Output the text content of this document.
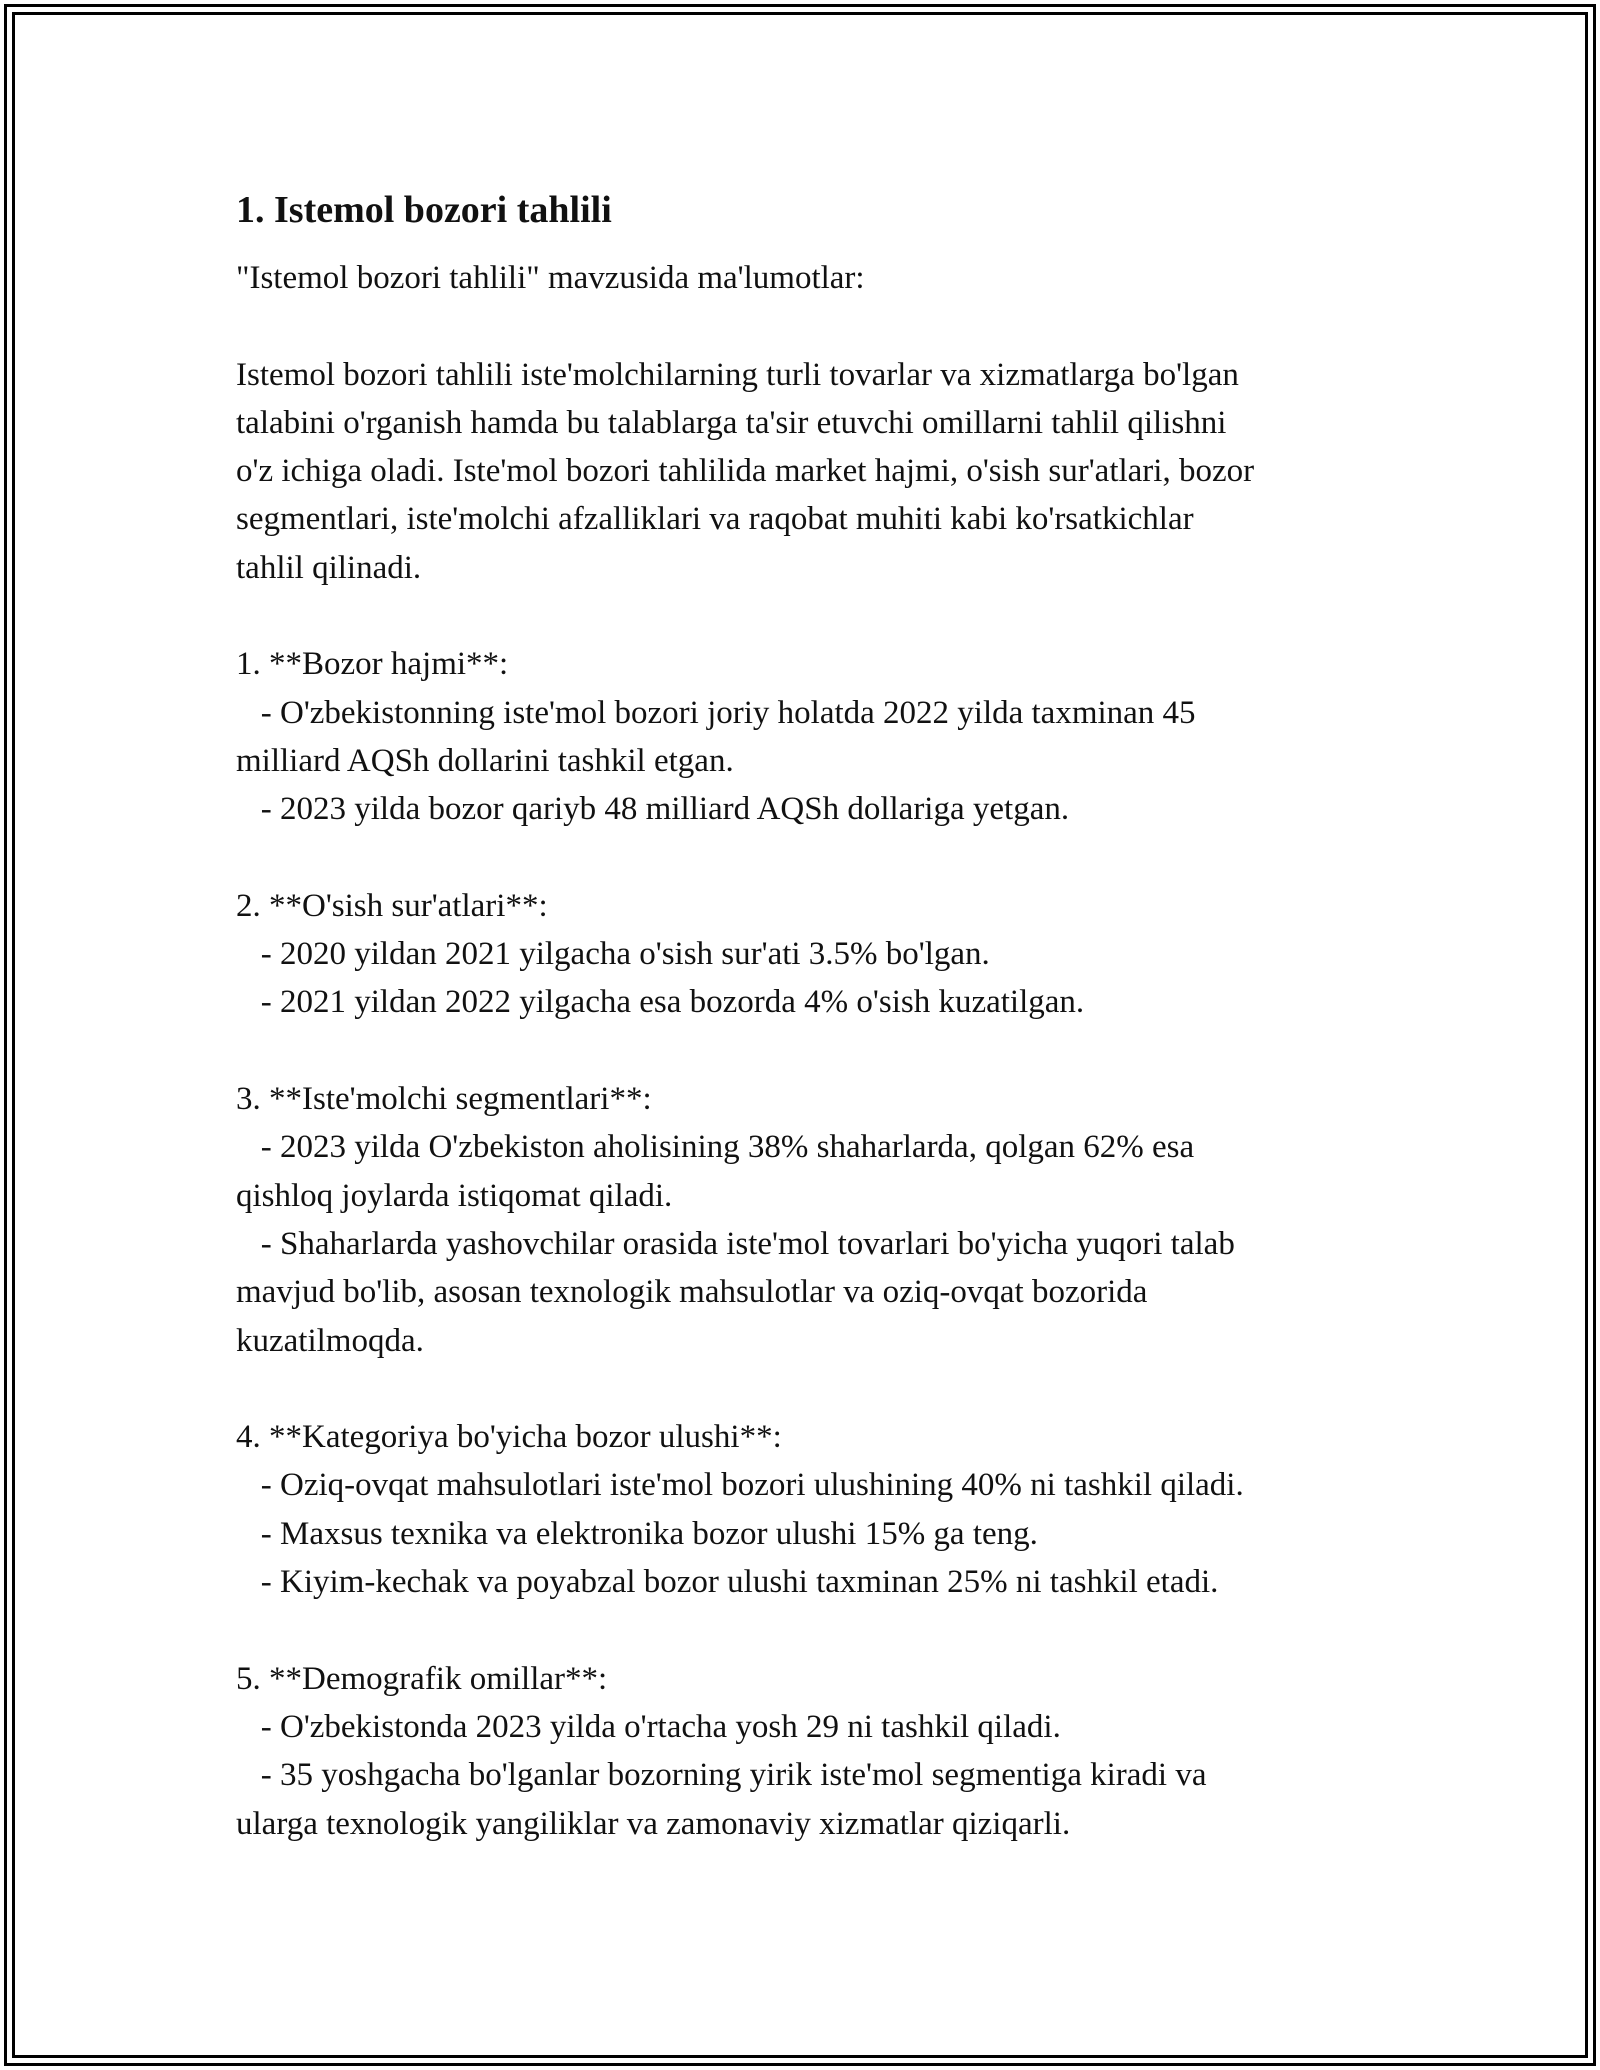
1. Istemol bozori tahlili
"Istemol bozori tahlili" mavzusida ma'lumotlar:
Istemol bozori tahlili iste'molchilarning turli tovarlar va xizmatlarga bo'lgan
talabini o'rganish hamda bu talablarga ta'sir etuvchi omillarni tahlil qilishni
o'z ichiga oladi. Iste'mol bozori tahlilida market hajmi, o'sish sur'atlari, bozor
segmentlari, iste'molchi afzalliklari va raqobat muhiti kabi ko'rsatkichlar
tahlil qilinadi.
1. **Bozor hajmi**:
- O'zbekistonning iste'mol bozori joriy holatda 2022 yilda taxminan 45
milliard AQSh dollarini tashkil etgan.
- 2023 yilda bozor qariyb 48 milliard AQSh dollariga yetgan.
2. **O'sish sur'atlari**:
- 2020 yildan 2021 yilgacha o'sish sur'ati 3.5% bo'lgan.
- 2021 yildan 2022 yilgacha esa bozorda 4% o'sish kuzatilgan.
3. **Iste'molchi segmentlari**:
- 2023 yilda O'zbekiston aholisining 38% shaharlarda, qolgan 62% esa
qishloq joylarda istiqomat qiladi.
- Shaharlarda yashovchilar orasida iste'mol tovarlari bo'yicha yuqori talab
mavjud bo'lib, asosan texnologik mahsulotlar va oziq-ovqat bozorida
kuzatilmoqda.
4. **Kategoriya bo'yicha bozor ulushi**:
- Oziq-ovqat mahsulotlari iste'mol bozori ulushining 40% ni tashkil qiladi.
- Maxsus texnika va elektronika bozor ulushi 15% ga teng.
- Kiyim-kechak va poyabzal bozor ulushi taxminan 25% ni tashkil etadi.
5. **Demografik omillar**:
- O'zbekistonda 2023 yilda o'rtacha yosh 29 ni tashkil qiladi.
- 35 yoshgacha bo'lganlar bozorning yirik iste'mol segmentiga kiradi va
ularga texnologik yangiliklar va zamonaviy xizmatlar qiziqarli.
